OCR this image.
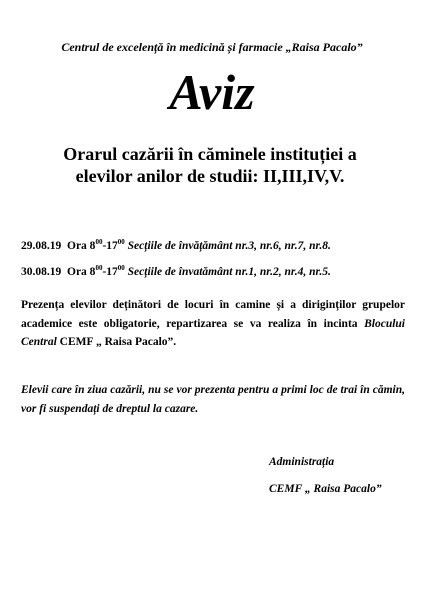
Centrul de excelență în medicină și farmacie „Raisa Pacalo”
Aviz
Orarul cazării în căminele instituției a elevilor anilor de studii: II,III,IV,V.
29.08.19 Ora $8^{00}-17^{00}$ Secțiile de învățământ nr.3, nr.6, nr.7, nr.8.
30.08.19 Ora $8^{00}-17^{00}$ Secțiile de învatământ nr.1, nr.2, nr.4, nr.5.
Prezența elevilor deținători de locuri în camine și a diriginților grupelor academice este obligatorie, repartizarea se va realiza în incinta Blocului Central CEMF „ Raisa Pacalo”.
Elevii care în ziua cazării, nu se vor prezenta pentru a primi loc de trai în cămin, vor fi suspendați de dreptul la cazare.
Administrația
CEMF „ Raisa Pacalo”
